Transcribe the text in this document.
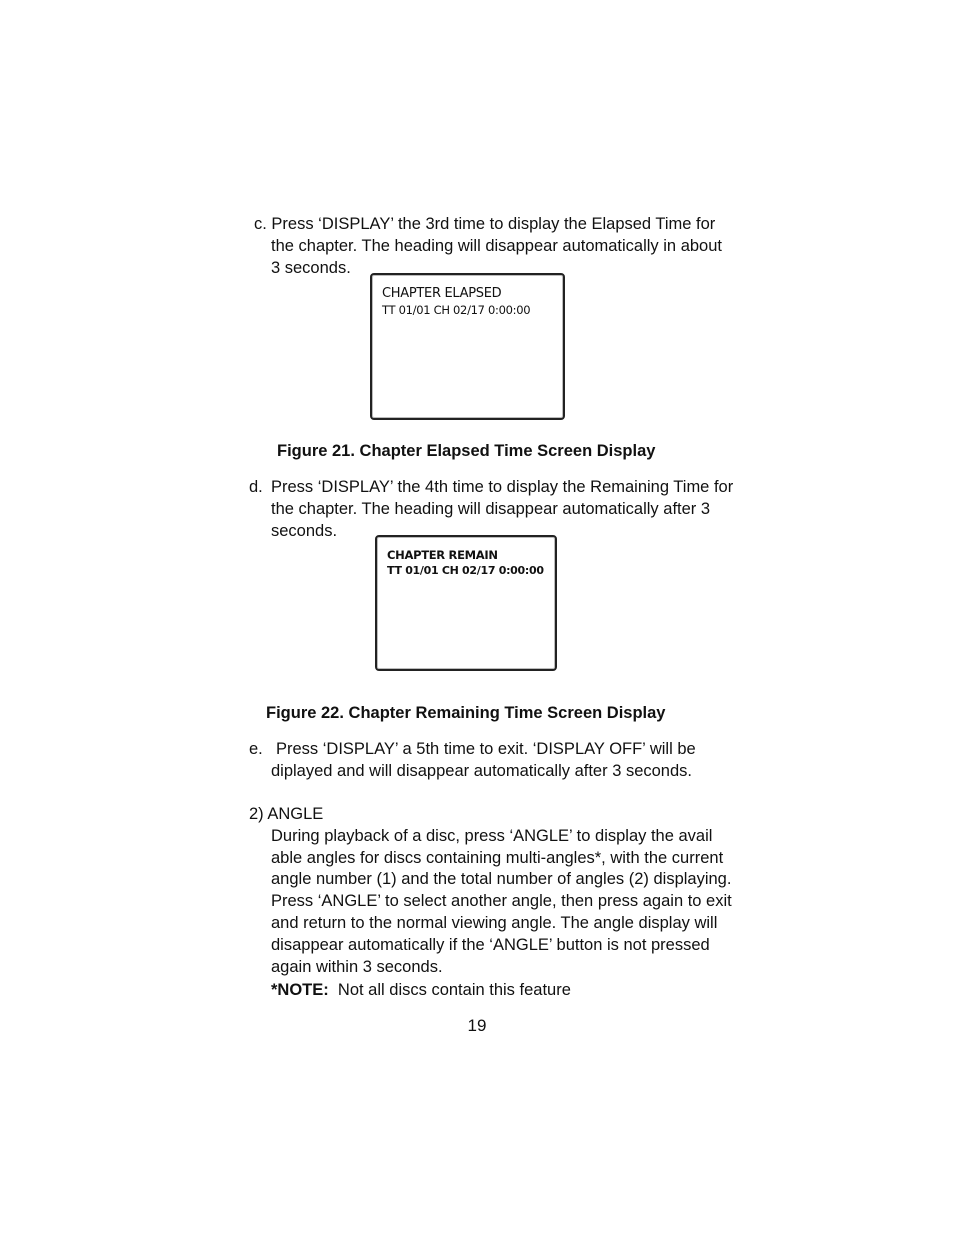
c. Press ‘DISPLAY’ the 3rd time to display the Elapsed Time for
the chapter. The heading will disappear automatically in about
3 seconds.
CHAPTER ELAPSED
TT 01/01 CH 02/17 0:00:00
Figure 21. Chapter Elapsed Time Screen Display
d. Press ‘DISPLAY’ the 4th time to display the Remaining Time for
the chapter. The heading will disappear automatically after 3
seconds.
CHAPTER REMAIN
TT 01/01 CH 02/17 0:00:00
Figure 22. Chapter Remaining Time Screen Display
e. Press ‘DISPLAY’ a 5th time to exit. ‘DISPLAY OFF’ will be
diplayed and will disappear automatically after 3 seconds.
2) ANGLE
During playback of a disc, press ‘ANGLE’ to display the avail
able angles for discs containing multi-angles*, with the current
angle number (1) and the total number of angles (2) displaying.
Press ‘ANGLE’ to select another angle, then press again to exit
and return to the normal viewing angle. The angle display will
disappear automatically if the ‘ANGLE’ button is not pressed
again within 3 seconds.
*NOTE: Not all discs contain this feature
19
